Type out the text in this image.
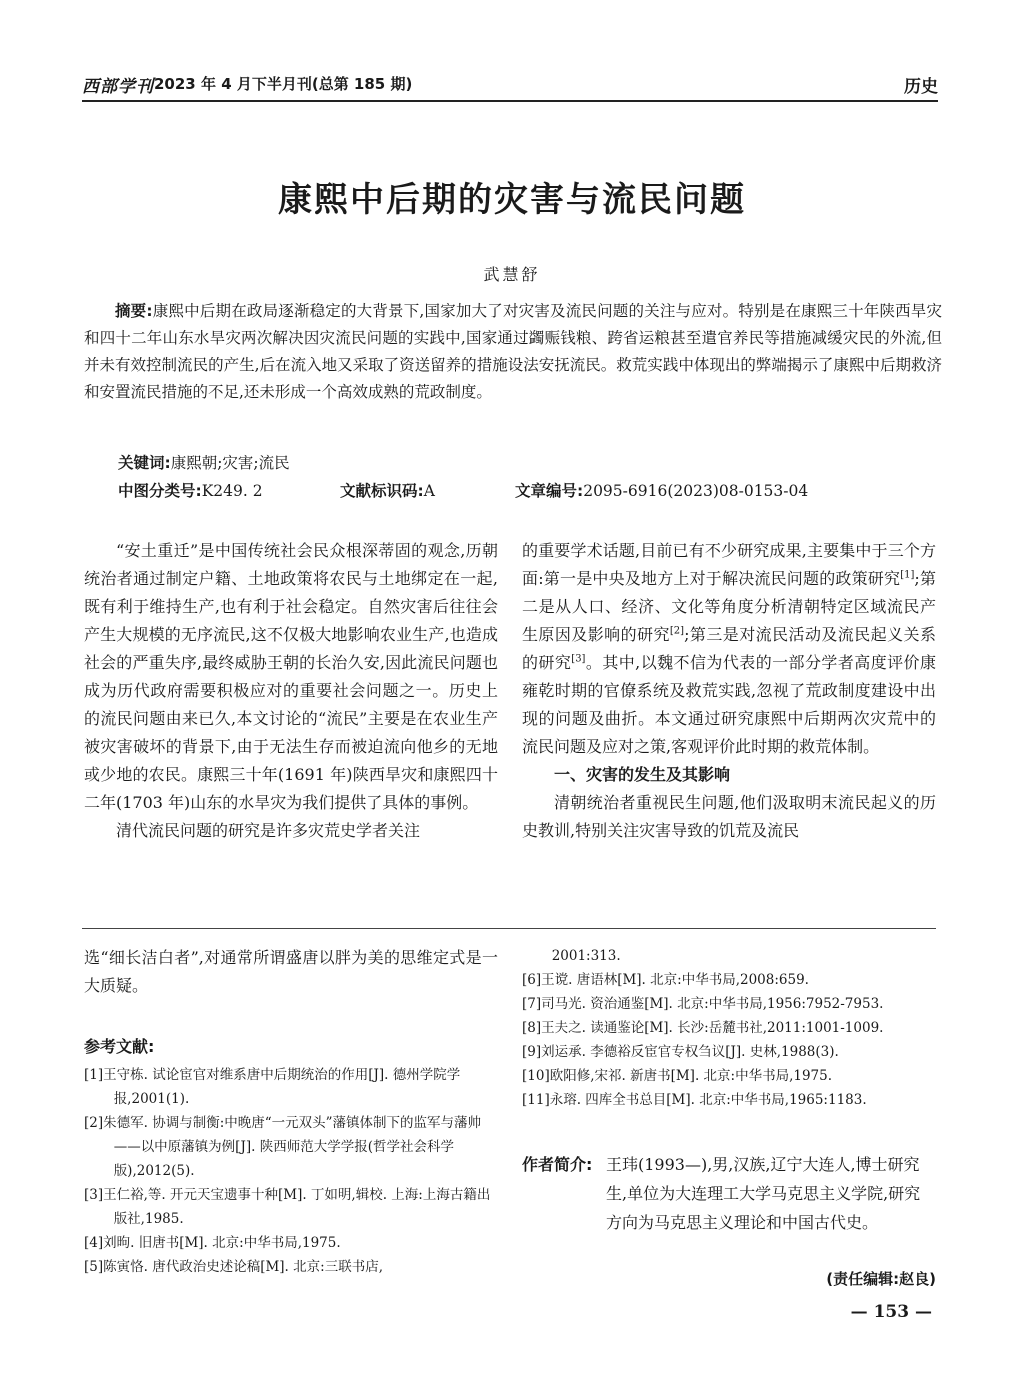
西部学刊 2023 年 4 月下半月刊(总第 185 期)	历史
康熙中后期的灾害与流民问题
武慧舒
摘要:康熙中后期在政局逐渐稳定的大背景下,国家加大了对灾害及流民问题的关注与应对。特别是在康熙三十年陕西旱灾和四十二年山东水旱灾两次解决因灾流民问题的实践中,国家通过蠲赈钱粮、跨省运粮甚至遣官养民等措施减缓灾民的外流,但并未有效控制流民的产生,后在流入地又采取了资送留养的措施设法安抚流民。救荒实践中体现出的弊端揭示了康熙中后期救济和安置流民措施的不足,还未形成一个高效成熟的荒政制度。
关键词:康熙朝;灾害;流民
中图分类号:K249. 2	文献标识码:A	文章编号:2095-6916(2023)08-0153-04

“安土重迁”是中国传统社会民众根深蒂固的观念,历朝统治者通过制定户籍、土地政策将农民与土地绑定在一起,既有利于维持生产,也有利于社会稳定。自然灾害后往往会产生大规模的无序流民,这不仅极大地影响农业生产,也造成社会的严重失序,最终威胁王朝的长治久安,因此流民问题也成为历代政府需要积极应对的重要社会问题之一。历史上的流民问题由来已久,本文讨论的“流民”主要是在农业生产被灾害破坏的背景下,由于无法生存而被迫流向他乡的无地或少地的农民。康熙三十年(1691 年)陕西旱灾和康熙四十二年(1703 年)山东的水旱灾为我们提供了具体的事例。

清代流民问题的研究是许多灾荒史学者关注

的重要学术话题,目前已有不少研究成果,主要集中于三个方面:第一是中央及地方上对于解决流民问题的政策研究[1];第二是从人口、经济、文化等角度分析清朝特定区域流民产生原因及影响的研究[2];第三是对流民活动及流民起义关系的研究[3]。其中,以魏不信为代表的一部分学者高度评价康雍乾时期的官僚系统及救荒实践,忽视了荒政制度建设中出现的问题及曲折。本文通过研究康熙中后期两次灾荒中的流民问题及应对之策,客观评价此时期的救荒体制。

一、灾害的发生及其影响

清朝统治者重视民生问题,他们汲取明末流民起义的历史教训,特别关注灾害导致的饥荒及流民

选“细长洁白者”,对通常所谓盛唐以胖为美的思维定式是一大质疑。
参考文献:

[1]王守栋. 试论宦官对维系唐中后期统治的作用[J]. 德州学院学报,2001(1).

[2]朱德军. 协调与制衡:中晚唐“一元双头”藩镇体制下的监军与藩帅——以中原藩镇为例[J]. 陕西师范大学学报(哲学社会科学版),2012(5).

[3]王仁裕,等. 开元天宝遗事十种[M]. 丁如明,辑校. 上海:上海古籍出版社,1985.

[4]刘昫. 旧唐书[M]. 北京:中华书局,1975.

[5]陈寅恪. 唐代政治史述论稿[M]. 北京:三联书店,

2001:313.

[6]王谠. 唐语林[M]. 北京:中华书局,2008:659.

[7]司马光. 资治通鉴[M]. 北京:中华书局,1956:7952-7953.

[8]王夫之. 读通鉴论[M]. 长沙:岳麓书社,2011:1001-1009.

[9]刘运承. 李德裕反宦官专权刍议[J]. 史林,1988(3).

[10]欧阳修,宋祁. 新唐书[M]. 北京:中华书局,1975.

[11]永瑢. 四库全书总目[M]. 北京:中华书局,1965:1183.

作者简介: 王玮(1993—),男,汉族,辽宁大连人,博士研究生,单位为大连理工大学马克思主义学院,研究方向为马克思主义理论和中国古代史。
(责任编辑:赵良)
— 153 —
